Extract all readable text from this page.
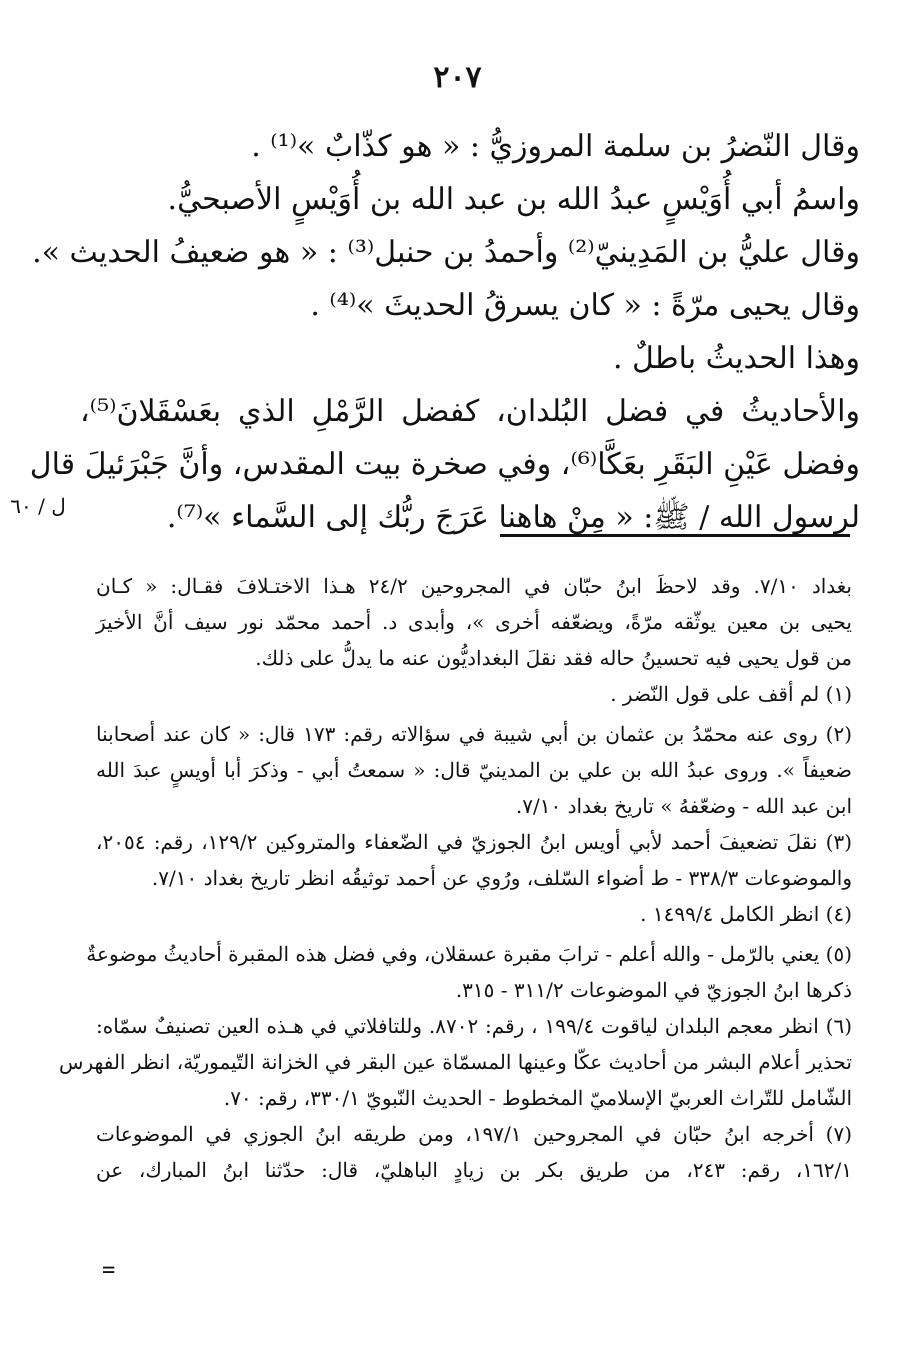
٢٠٧
ل / ٦٠
وقال النّضرُ بن سلمة المروزيُّ : « هو كذّابٌ »⁽¹⁾ .
واسمُ أبي أُوَيْسٍ عبدُ الله بن عبد الله بن أُوَيْسٍ الأصبحيُّ.
وقال عليُّ بن المَدِينيّ⁽²⁾ وأحمدُ بن حنبل⁽³⁾ : « هو ضعيفُ الحديث ».
وقال يحيى مرّةً : « كان يسرقُ الحديثَ »⁽⁴⁾ .
وهذا الحديثُ باطلٌ .
والأحاديثُ في فضل البُلدان، كفضل الرَّمْلِ الذي بعَسْقَلانَ⁽⁵⁾،
وفضل عَيْنِ البَقَرِ بعَكَّا⁽⁶⁾، وفي صخرة بيت المقدس، وأنَّ جَبْرَئيلَ قال
لرسول الله / ﷺ: « مِنْ هاهنا عَرَجَ ربُّك إلى السَّماء »⁽⁷⁾.
بغداد ٧/١٠. وقد لاحظَ ابنُ حبّان في المجروحين ٢٤/٢ هـذا الاختـلافَ فقـال: « كـان
يحيى بن معين يوثّقه مرّةً، ويضعّفه أخرى »، وأبدى د. أحمد محمّد نور سيف أنَّ الأخيرَ
من قول يحيى فيه تحسينُ حاله فقد نقلَ البغداديُّون عنه ما يدلُّ على ذلك.
(١) لم أقف على قول النّضر .
(٢) روى عنه محمّدُ بن عثمان بن أبي شيبة في سؤالاته رقم: ١٧٣ قال: « كان عند أصحابنا
ضعيفاً ». وروى عبدُ الله بن علي بن المدينيّ قال: « سمعتُ أبي - وذكرَ أبا أويسٍ عبدَ الله
ابن عبد الله - وضعّفهُ » تاريخ بغداد ٧/١٠.
(٣) نقلَ تضعيفَ أحمد لأبي أويس ابنُ الجوزيّ في الضّعفاء والمتروكين ١٢٩/٢، رقم: ٢٠٥٤،
والموضوعات ٣٣٨/٣ - ط أضواء السّلف، ورُوي عن أحمد توثيقُه انظر تاريخ بغداد ٧/١٠.
(٤) انظر الكامل ١٤٩٩/٤ .
(٥) يعني بالرّمل - والله أعلم - ترابَ مقبرة عسقلان، وفي فضل هذه المقبرة أحاديثُ موضوعةٌ
ذكرها ابنُ الجوزيّ في الموضوعات ٣١١/٢ - ٣١٥.
(٦) انظر معجم البلدان لياقوت ١٩٩/٤ ، رقم: ٨٧٠٢. وللتافلاتي في هـذه العين تصنيفٌ سمّاه:
تحذير أعلام البشر من أحاديث عكّا وعينها المسمّاة عين البقر في الخزانة التّيموريّة، انظر الفهرس
الشّامل للتّراث العربيّ الإسلاميّ المخطوط - الحديث النّبويّ ٣٣٠/١، رقم: ٧٠.
(٧) أخرجه ابنُ حبّان في المجروحين ١٩٧/١، ومن طريقه ابنُ الجوزي في الموضوعات
١٦٢/١، رقم: ٢٤٣، من طريق بكر بن زيادٍ الباهليّ، قال: حدّثنا ابنُ المبارك، عن
=
